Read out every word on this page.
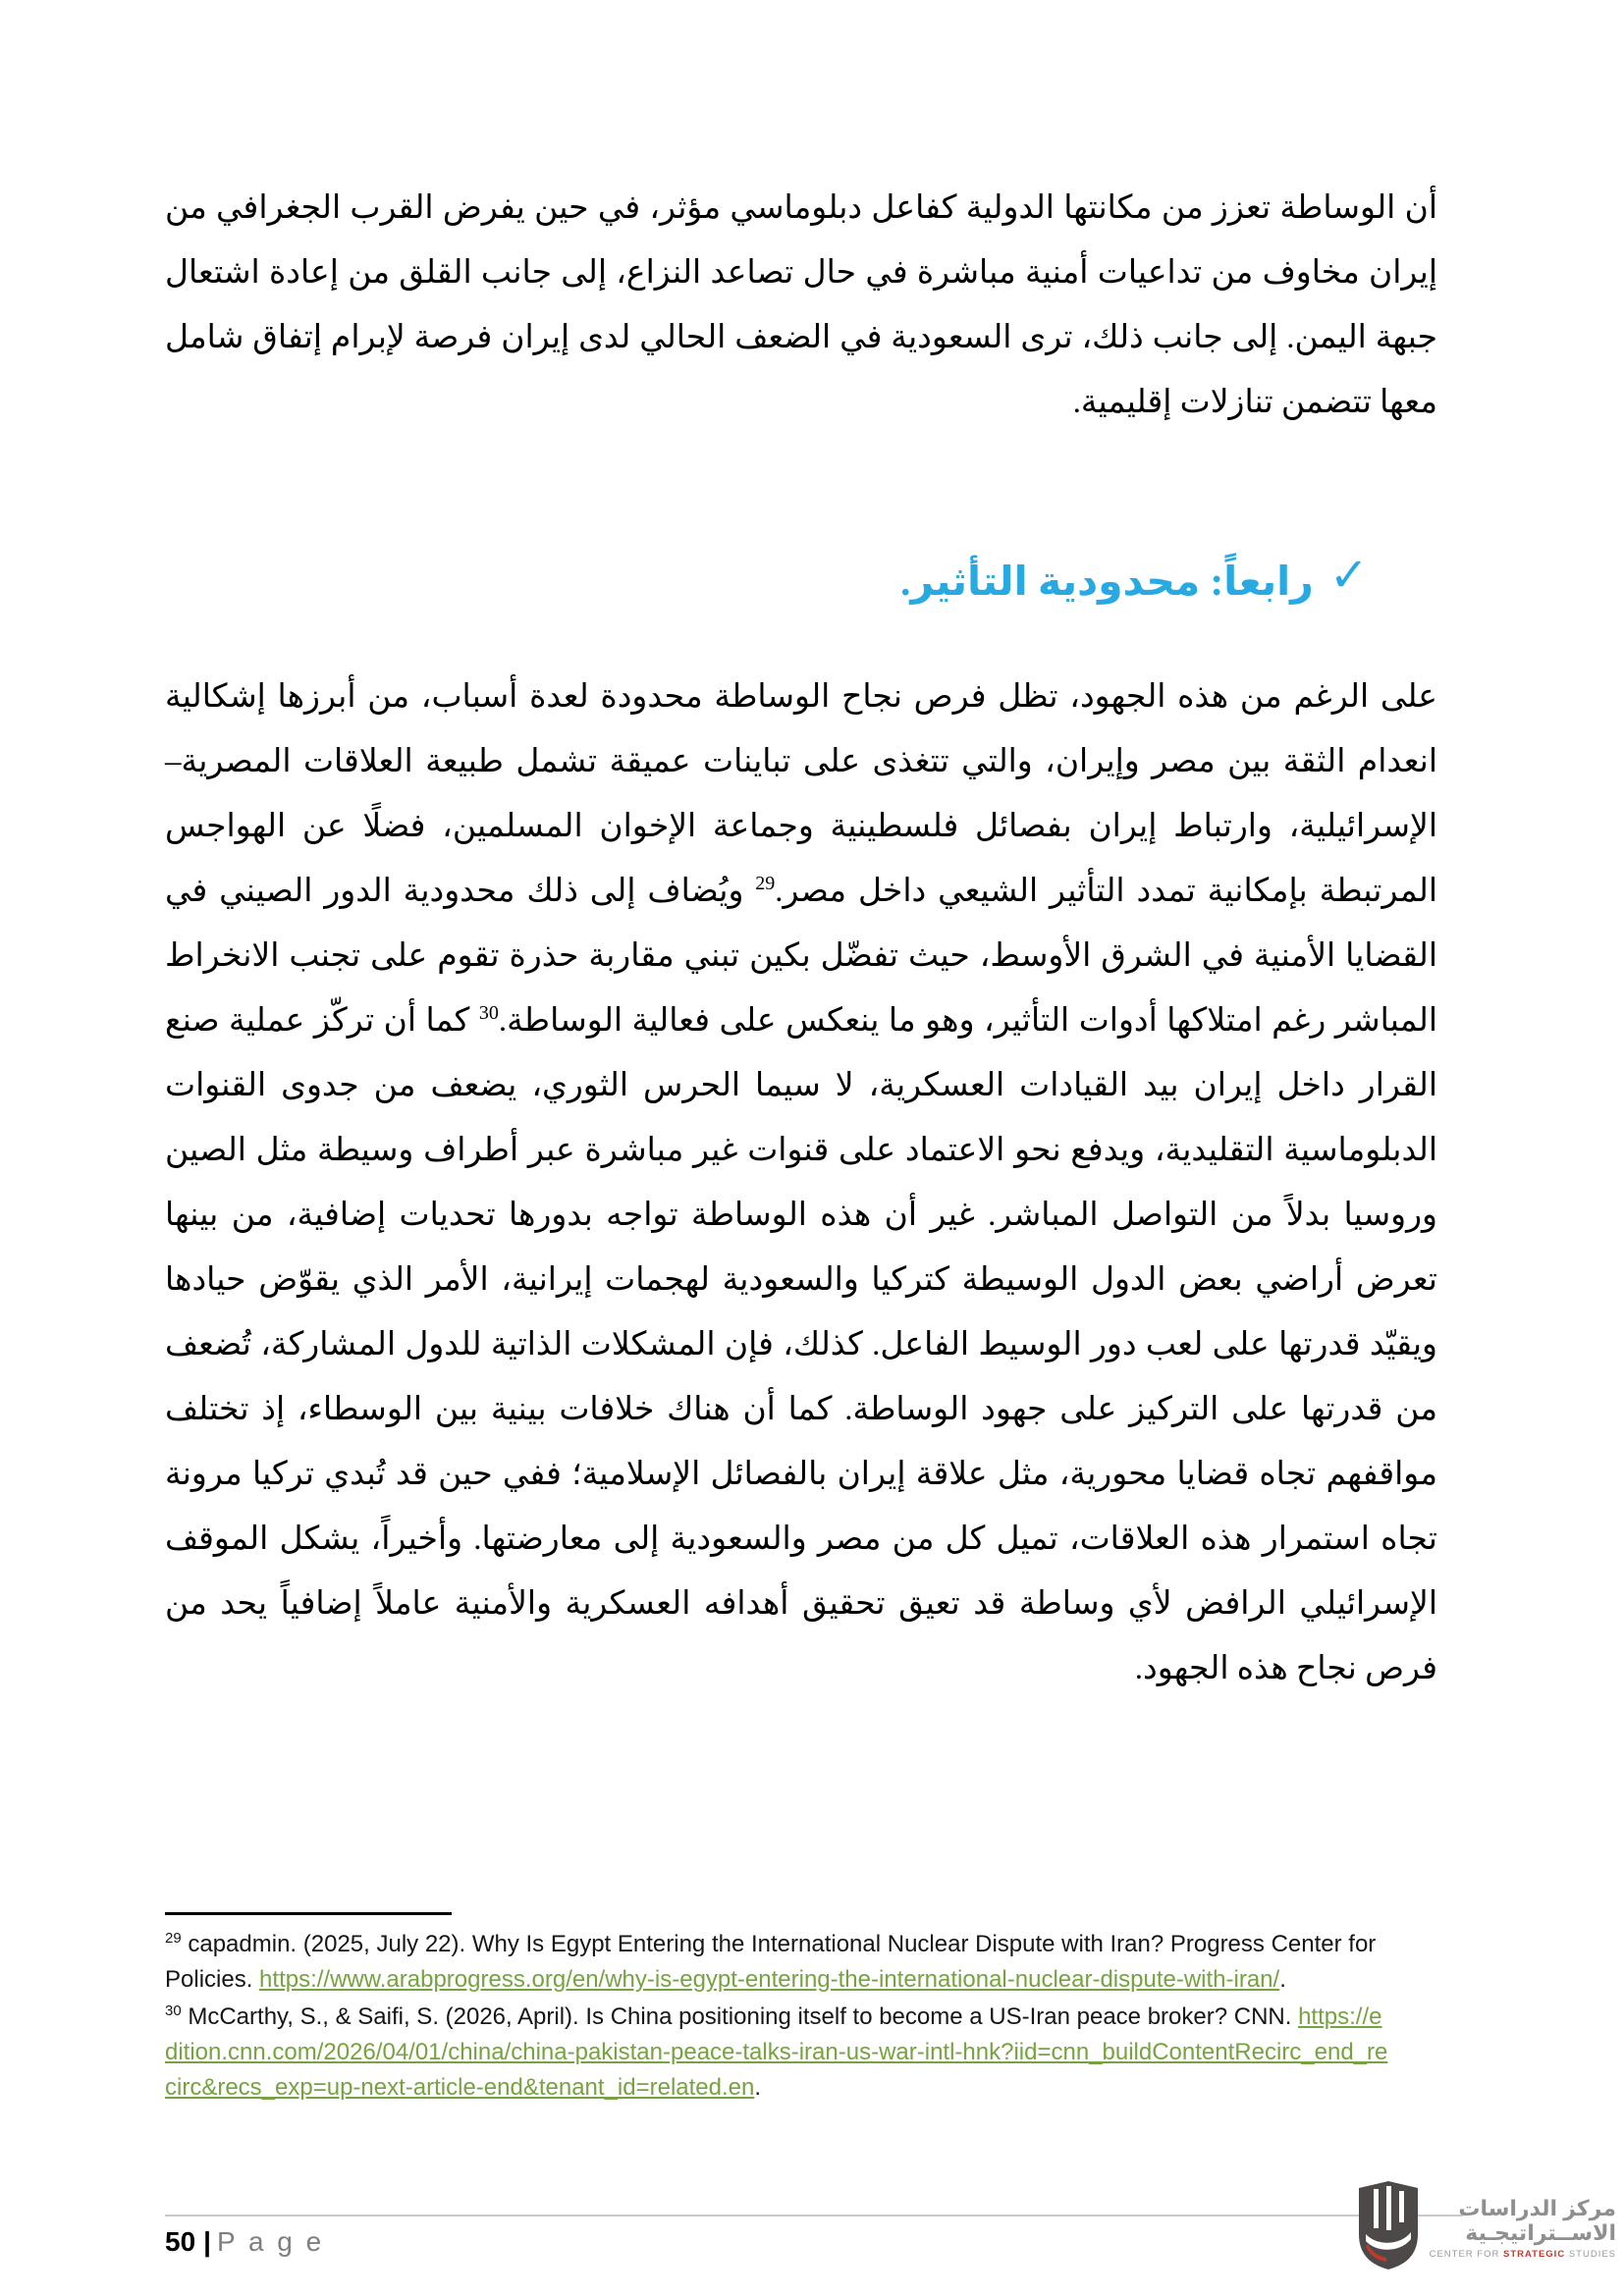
أن الوساطة تعزز من مكانتها الدولية كفاعل دبلوماسي مؤثر، في حين يفرض القرب الجغرافي من إيران مخاوف من تداعيات أمنية مباشرة في حال تصاعد النزاع، إلى جانب القلق من إعادة اشتعال جبهة اليمن. إلى جانب ذلك، ترى السعودية في الضعف الحالي لدى إيران فرصة لإبرام إتفاق شامل معها تتضمن تنازلات إقليمية.

✓رابعاً: محدودية التأثير.

على الرغم من هذه الجهود، تظل فرص نجاح الوساطة محدودة لعدة أسباب، من أبرزها إشكالية انعدام الثقة بين مصر وإيران، والتي تتغذى على تباينات عميقة تشمل طبيعة العلاقات المصرية–الإسرائيلية، وارتباط إيران بفصائل فلسطينية وجماعة الإخوان المسلمين، فضلًا عن الهواجس المرتبطة بإمكانية تمدد التأثير الشيعي داخل مصر.$^{29}$ ويُضاف إلى ذلك محدودية الدور الصيني في القضايا الأمنية في الشرق الأوسط، حيث تفضّل بكين تبني مقاربة حذرة تقوم على تجنب الانخراط المباشر رغم امتلاكها أدوات التأثير، وهو ما ينعكس على فعالية الوساطة.$^{30}$ كما أن تركّز عملية صنع القرار داخل إيران بيد القيادات العسكرية، لا سيما الحرس الثوري، يضعف من جدوى القنوات الدبلوماسية التقليدية، ويدفع نحو الاعتماد على قنوات غير مباشرة عبر أطراف وسيطة مثل الصين وروسيا بدلاً من التواصل المباشر. غير أن هذه الوساطة تواجه بدورها تحديات إضافية، من بينها تعرض أراضي بعض الدول الوسيطة كتركيا والسعودية لهجمات إيرانية، الأمر الذي يقوّض حيادها ويقيّد قدرتها على لعب دور الوسيط الفاعل. كذلك، فإن المشكلات الذاتية للدول المشاركة، تُضعف من قدرتها على التركيز على جهود الوساطة. كما أن هناك خلافات بينية بين الوسطاء، إذ تختلف مواقفهم تجاه قضايا محورية، مثل علاقة إيران بالفصائل الإسلامية؛ ففي حين قد تُبدي تركيا مرونة تجاه استمرار هذه العلاقات، تميل كل من مصر والسعودية إلى معارضتها. وأخيراً، يشكل الموقف الإسرائيلي الرافض لأي وساطة قد تعيق تحقيق أهدافه العسكرية والأمنية عاملاً إضافياً يحد من فرص نجاح هذه الجهود.

$^{29}$ capadmin. (2025, July 22). Why Is Egypt Entering the International Nuclear Dispute with Iran? Progress Center for Policies. https://www.arabprogress.org/en/why-is-egypt-entering-the-international-nuclear-dispute-with-iran/.

$^{30}$ McCarthy, S., & Saifi, S. (2026, April). Is China positioning itself to become a US-Iran peace broker? CNN. https://edition.cnn.com/2026/04/01/china/china-pakistan-peace-talks-iran-us-war-intl-hnk?iid=cnn_buildContentRecirc_end_recirc&recs_exp=up-next-article-end&tenant_id=related.en.

50 | P a g e
مركز الدراسات
الاســتراتيجـية
CENTER FOR STRATEGIC STUDIES
